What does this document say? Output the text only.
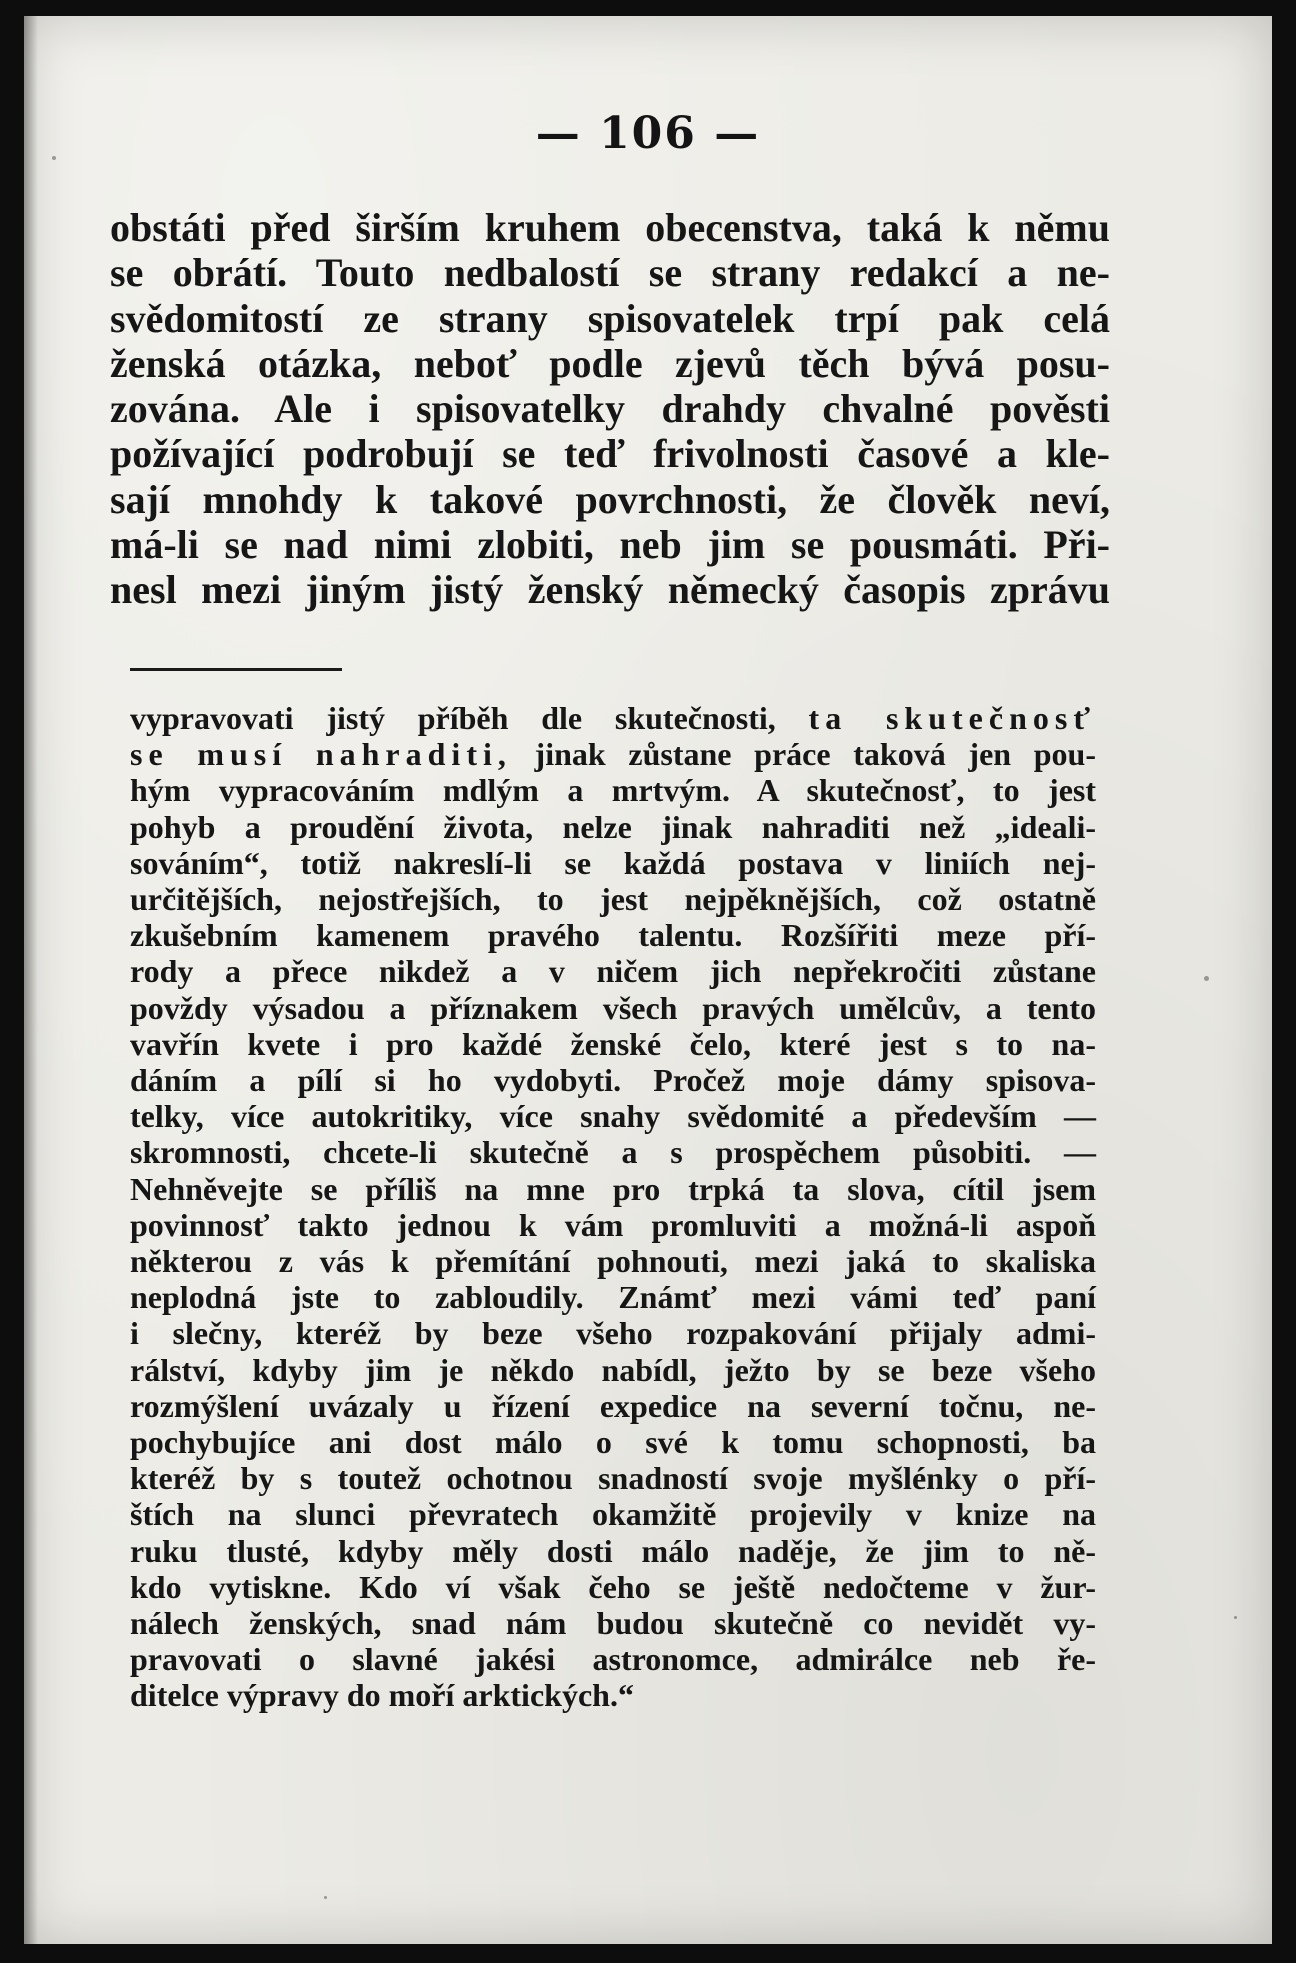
— 106 —

obstáti před širším kruhem obecenstva, taká k němu

se obrátí. Touto nedbalostí se strany redakcí a ne-

svědomitostí ze strany spisovatelek trpí pak celá

ženská otázka, neboť podle zjevů těch bývá posu-

zována. Ale i spisovatelky drahdy chvalné pověsti

požívající podrobují se teď frivolnosti časové a kle-

sají mnohdy k takové povrchnosti, že člověk neví,

má-li se nad nimi zlobiti, neb jim se pousmáti. Při-

nesl mezi jiným jistý ženský německý časopis zprávu

vypravovati jistý příběh dle skutečnosti, ta skutečnosť

se musí nahraditi, jinak zůstane práce taková jen pou-

hým vypracováním mdlým a mrtvým. A skutečnosť, to jest

pohyb a proudění života, nelze jinak nahraditi než „ideali-

sováním“, totiž nakreslí-li se každá postava v liniích nej-

určitějších, nejostřejších, to jest nejpěknějších, což ostatně

zkušebním kamenem pravého talentu. Rozšířiti meze pří-

rody a přece nikdež a v ničem jich nepřekročiti zůstane

povždy výsadou a příznakem všech pravých umělcův, a tento

vavřín kvete i pro každé ženské čelo, které jest s to na-

dáním a pílí si ho vydobyti. Pročež moje dámy spisova-

telky, více autokritiky, více snahy svědomité a především —

skromnosti, chcete-li skutečně a s prospěchem působiti. —

Nehněvejte se příliš na mne pro trpká ta slova, cítil jsem

povinnosť takto jednou k vám promluviti a možná-li aspoň

některou z vás k přemítání pohnouti, mezi jaká to skaliska

neplodná jste to zabloudily. Známť mezi vámi teď paní

i slečny, kteréž by beze všeho rozpakování přijaly admi-

rálství, kdyby jim je někdo nabídl, ježto by se beze všeho

rozmýšlení uvázaly u řízení expedice na severní točnu, ne-

pochybujíce ani dost málo o své k tomu schopnosti, ba

kteréž by s toutež ochotnou snadností svoje myšlénky o pří-

štích na slunci převratech okamžitě projevily v knize na

ruku tlusté, kdyby měly dosti málo naděje, že jim to ně-

kdo vytiskne. Kdo ví však čeho se ještě nedočteme v žur-

nálech ženských, snad nám budou skutečně co nevidět vy-

pravovati o slavné jakési astronomce, admirálce neb ře-

ditelce výpravy do moří arktických.“
